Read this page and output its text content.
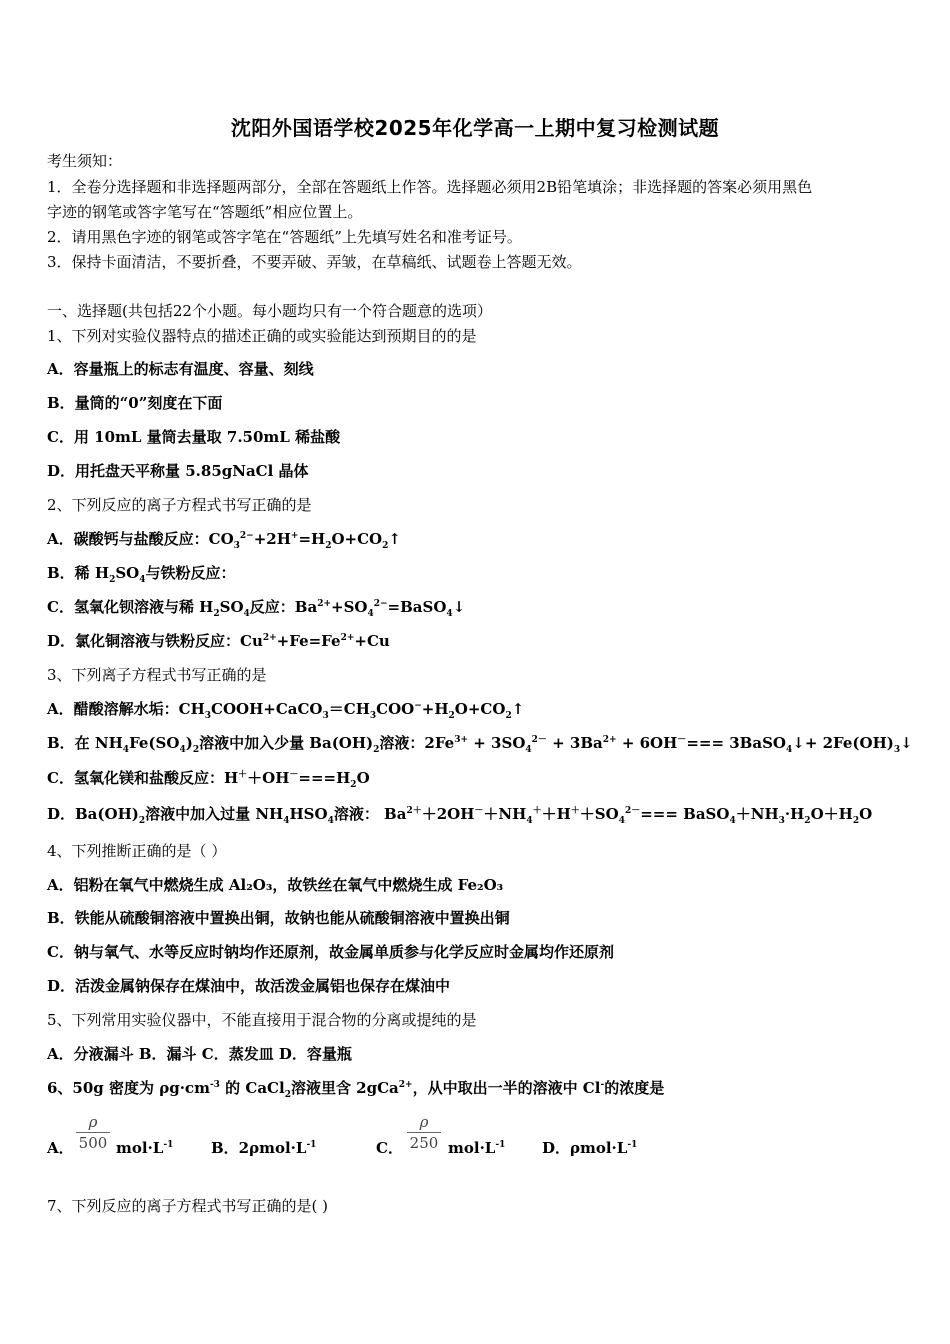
沈阳外国语学校2025年化学高一上期中复习检测试题
考生须知：
1．全卷分选择题和非选择题两部分，全部在答题纸上作答。选择题必须用2B铅笔填涂；非选择题的答案必须用黑色
字迹的钢笔或答字笔写在“答题纸”相应位置上。
2．请用黑色字迹的钢笔或答字笔在“答题纸”上先填写姓名和准考证号。
3．保持卡面清洁，不要折叠，不要弄破、弄皱，在草稿纸、试题卷上答题无效。
一、选择题(共包括22个小题。每小题均只有一个符合题意的选项）
1、下列对实验仪器特点的描述正确的或实验能达到预期目的的是
A．容量瓶上的标志有温度、容量、刻线
B．量筒的“0”刻度在下面
C．用 10mL 量筒去量取 7.50mL 稀盐酸
D．用托盘天平称量 5.85gNaCl 晶体
2、下列反应的离子方程式书写正确的是
A．碳酸钙与盐酸反应：$CO_3^{2-}+2H^+=H_2O+CO_2↑$
B．稀 $H_2SO_4$与铁粉反应：
C．氢氧化钡溶液与稀 $H_2SO_4$反应：$Ba^{2+}+SO_4^{2-}=BaSO_4↓$
D．氯化铜溶液与铁粉反应：$Cu^{2+}+Fe=Fe^{2+}+Cu$
3、下列离子方程式书写正确的是
A．醋酸溶解水垢：$CH_3COOH+CaCO_3=CH_3COO^-+H_2O+CO_2↑$
B．在 $NH_4Fe(SO_4)_2$溶液中加入少量 $Ba(OH)_2$溶液：$2Fe^{3+} + 3SO_4^{2-} + 3Ba^{2+} + 6OH^-===$ 3BaSO$_4$↓+ $2Fe(OH)_3↓$
C．氢氧化镁和盐酸反应：$H^++OH^-===H_2O$
D．$Ba(OH)_2$溶液中加入过量 $NH_4HSO_4$溶液： $Ba^{2+}+2OH^-+NH_4^++H^++SO_4^{2-}===$ $BaSO_4+NH_3\cdot H_2O+H_2O$
4、下列推断正确的是（ ）
A．铝粉在氧气中燃烧生成 Al₂O₃，故铁丝在氧气中燃烧生成 Fe₂O₃
B．铁能从硫酸铜溶液中置换出铜，故钠也能从硫酸铜溶液中置换出铜
C．钠与氧气、水等反应时钠均作还原剂，故金属单质参与化学反应时金属均作还原剂
D．活泼金属钠保存在煤油中，故活泼金属铝也保存在煤油中
5、下列常用实验仪器中，不能直接用于混合物的分离或提纯的是
A．分液漏斗 B．漏斗 C．蒸发皿 D．容量瓶
6、50g 密度为 $\rho g\cdot cm^{-3}$ 的 CaCl$_2$溶液里含 2gCa$^{2+}$，从中取出一半的溶液中 Cl-的浓度是
A．
ρ
500 $mol\cdot L^{-1}$	B．$2\rho mol\cdot L^{-1}$	C．
ρ
250 $mol\cdot L^{-1}$ D．$\rho mol\cdot L^{-1}$
7、下列反应的离子方程式书写正确的是( )
